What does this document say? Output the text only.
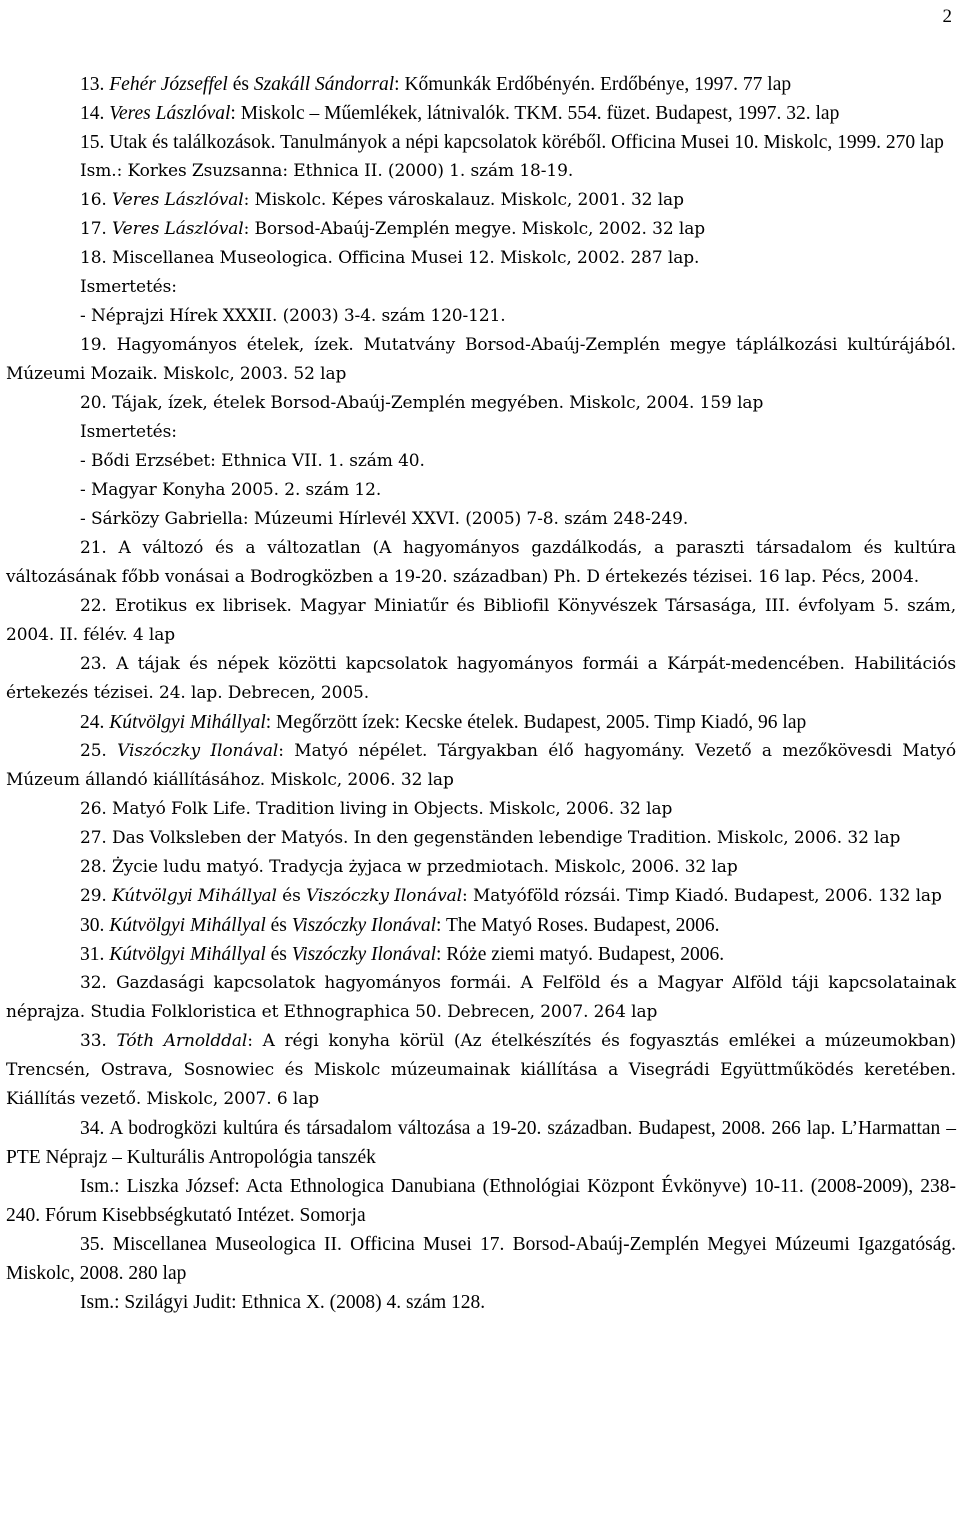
2

13. Fehér Józseffel és Szakáll Sándorral: Kőmunkák Erdőbényén. Erdőbénye, 1997. 77 lap

14. Veres Lászlóval: Miskolc – Műemlékek, látnivalók. TKM. 554. füzet. Budapest, 1997. 32. lap

15. Utak és találkozások. Tanulmányok a népi kapcsolatok köréből. Officina Musei 10. Miskolc, 1999. 270 lap

Ism.: Korkes Zsuzsanna: Ethnica II. (2000) 1. szám 18-19.

16. Veres Lászlóval: Miskolc. Képes városkalauz. Miskolc, 2001. 32 lap

17. Veres Lászlóval: Borsod-Abaúj-Zemplén megye. Miskolc, 2002. 32 lap

18. Miscellanea Museologica. Officina Musei 12. Miskolc, 2002. 287 lap.

Ismertetés:

- Néprajzi Hírek XXXII. (2003) 3-4. szám 120-121.

19. Hagyományos ételek, ízek. Mutatvány Borsod-Abaúj-Zemplén megye táplálkozási kultúrájából. Múzeumi Mozaik. Miskolc, 2003. 52 lap

20. Tájak, ízek, ételek Borsod-Abaúj-Zemplén megyében. Miskolc, 2004. 159 lap

Ismertetés:

- Bődi Erzsébet: Ethnica VII. 1. szám 40.

- Magyar Konyha 2005. 2. szám 12.

- Sárközy Gabriella: Múzeumi Hírlevél XXVI. (2005) 7-8. szám 248-249.

21. A változó és a változatlan (A hagyományos gazdálkodás, a paraszti társadalom és kultúra változásának főbb vonásai a Bodrogközben a 19-20. században) Ph. D értekezés tézisei. 16 lap. Pécs, 2004.

22. Erotikus ex librisek. Magyar Miniatűr és Bibliofil Könyvészek Társasága, III. évfolyam 5. szám, 2004. II. félév. 4 lap

23. A tájak és népek közötti kapcsolatok hagyományos formái a Kárpát-medencében. Habilitációs értekezés tézisei. 24. lap. Debrecen, 2005.

24. Kútvölgyi Mihállyal: Megőrzött ízek: Kecske ételek. Budapest, 2005. Timp Kiadó, 96 lap

25. Viszóczky Ilonával: Matyó népélet. Tárgyakban élő hagyomány. Vezető a mezőkövesdi Matyó Múzeum állandó kiállításához. Miskolc, 2006. 32 lap

26. Matyó Folk Life. Tradition living in Objects. Miskolc, 2006. 32 lap

27. Das Volksleben der Matyós. In den gegenständen lebendige Tradition. Miskolc, 2006. 32 lap

28. Życie ludu matyó. Tradycja żyjaca w przedmiotach. Miskolc, 2006. 32 lap

29. Kútvölgyi Mihállyal és Viszóczky Ilonával: Matyóföld rózsái. Timp Kiadó. Budapest, 2006. 132 lap

30. Kútvölgyi Mihállyal és Viszóczky Ilonával: The Matyó Roses. Budapest, 2006.

31. Kútvölgyi Mihállyal és Viszóczky Ilonával: Róże ziemi matyó. Budapest, 2006.

32. Gazdasági kapcsolatok hagyományos formái. A Felföld és a Magyar Alföld táji kapcsolatainak néprajza. Studia Folkloristica et Ethnographica 50. Debrecen, 2007. 264 lap

33. Tóth Arnolddal: A régi konyha körül (Az ételkészítés és fogyasztás emlékei a múzeumokban) Trencsén, Ostrava, Sosnowiec és Miskolc múzeumainak kiállítása a Visegrádi Együttműködés keretében. Kiállítás vezető. Miskolc, 2007. 6 lap

34. A bodrogközi kultúra és társadalom változása a 19-20. században. Budapest, 2008. 266 lap. L’Harmattan – PTE Néprajz – Kulturális Antropológia tanszék

Ism.: Liszka József: Acta Ethnologica Danubiana (Ethnológiai Központ Évkönyve) 10-11. (2008-2009), 238-240. Fórum Kisebbségkutató Intézet. Somorja

35. Miscellanea Museologica II. Officina Musei 17. Borsod-Abaúj-Zemplén Megyei Múzeumi Igazgatóság. Miskolc, 2008. 280 lap

Ism.: Szilágyi Judit: Ethnica X. (2008) 4. szám 128.
